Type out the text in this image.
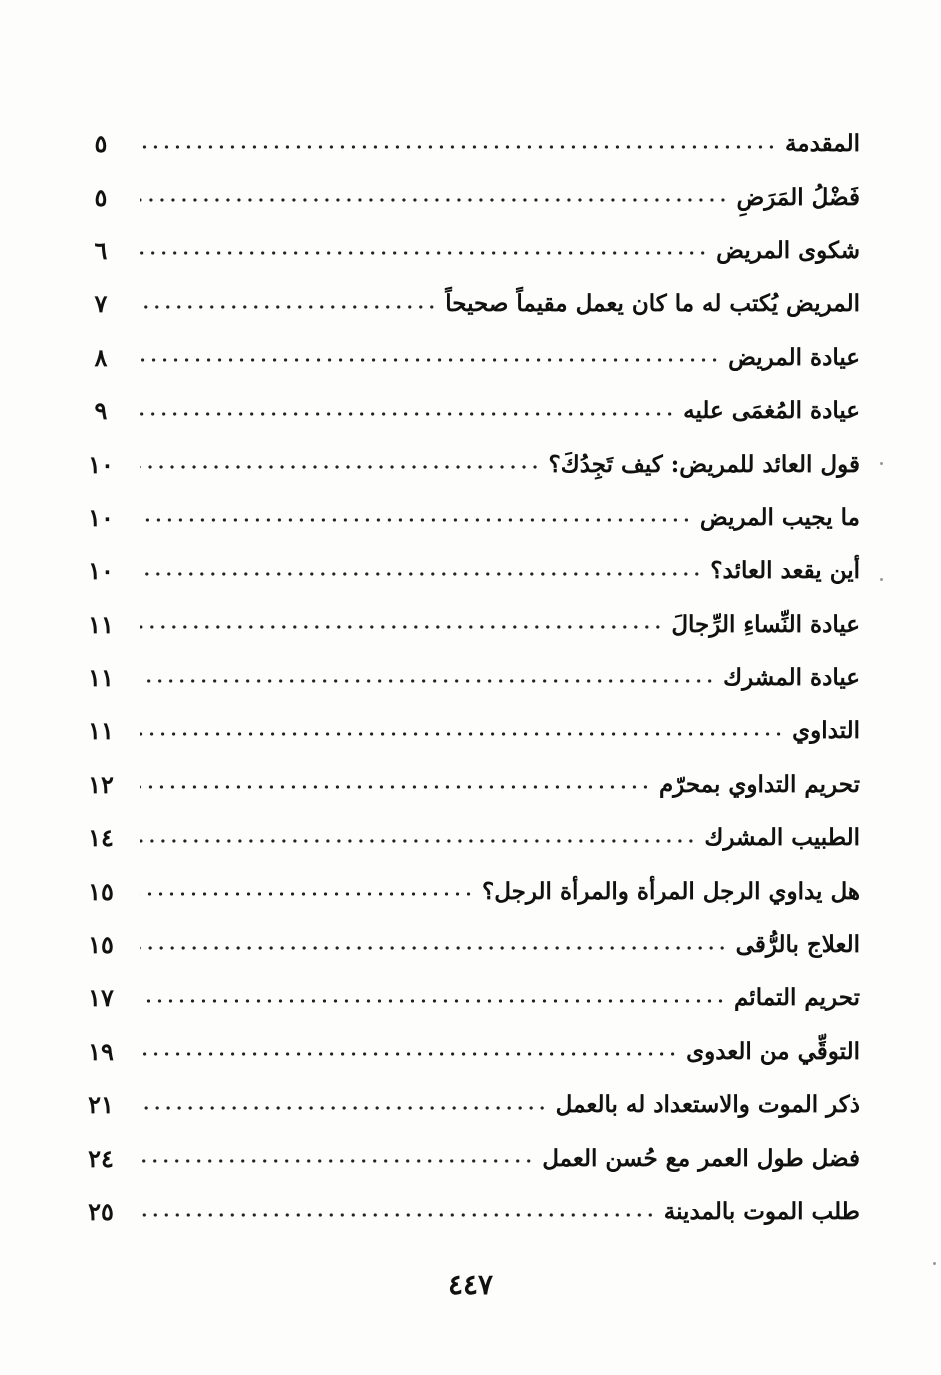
المقدمة
٥
فَضْلُ المَرَضِ
٥
شكوى المريض
٦
المريض يُكتب له ما كان يعمل مقيماً صحيحاً
٧
عيادة المريض
٨
عيادة المُغمَى عليه
٩
قول العائد للمريض: كيف تَجِدُكَ؟
١٠
ما يجيب المريض
١٠
أين يقعد العائد؟
١٠
عيادة النِّساءِ الرِّجالَ
١١
عيادة المشرك
١١
التداوي
١١
تحريم التداوي بمحرّم
١٢
الطبيب المشرك
١٤
هل يداوي الرجل المرأة والمرأة الرجل؟
١٥
العلاج بالرُّقى
١٥
تحريم التمائم
١٧
التوقِّي من العدوى
١٩
ذكر الموت والاستعداد له بالعمل
٢١
فضل طول العمر مع حُسن العمل
٢٤
طلب الموت بالمدينة
٢٥
٤٤٧
